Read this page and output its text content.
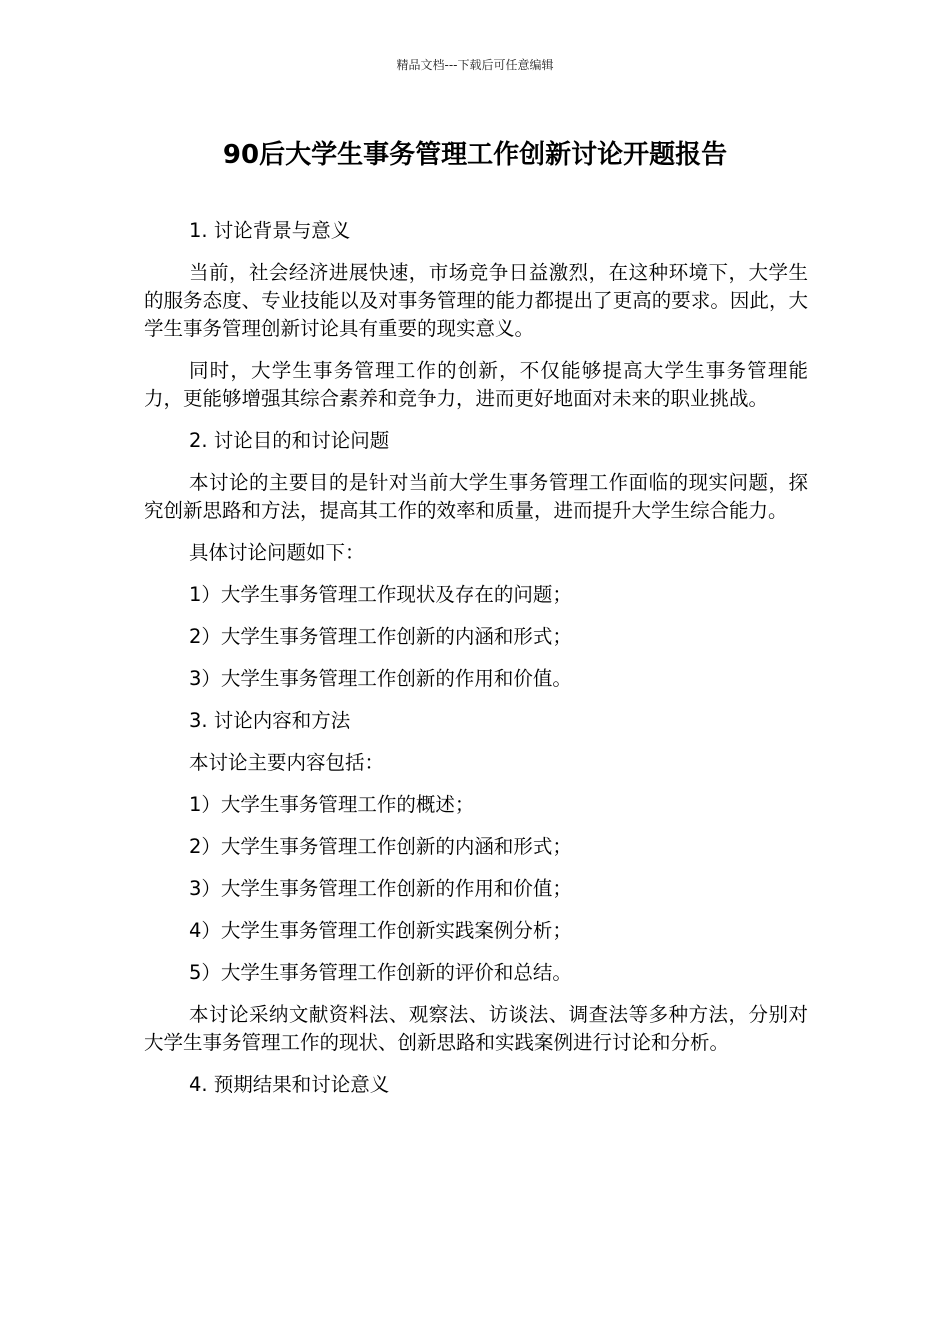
精品文档---下载后可任意编辑
90后大学生事务管理工作创新讨论开题报告

1. 讨论背景与意义

当前，社会经济进展快速，市场竞争日益激烈，在这种环境下，大学生的服务态度、专业技能以及对事务管理的能力都提出了更高的要求。因此，大学生事务管理创新讨论具有重要的现实意义。

同时，大学生事务管理工作的创新，不仅能够提高大学生事务管理能力，更能够增强其综合素养和竞争力，进而更好地面对未来的职业挑战。

2. 讨论目的和讨论问题

本讨论的主要目的是针对当前大学生事务管理工作面临的现实问题，探究创新思路和方法，提高其工作的效率和质量，进而提升大学生综合能力。

具体讨论问题如下：

1）大学生事务管理工作现状及存在的问题；

2）大学生事务管理工作创新的内涵和形式；

3）大学生事务管理工作创新的作用和价值。

3. 讨论内容和方法

本讨论主要内容包括：

1）大学生事务管理工作的概述；

2）大学生事务管理工作创新的内涵和形式；

3）大学生事务管理工作创新的作用和价值；

4）大学生事务管理工作创新实践案例分析；

5）大学生事务管理工作创新的评价和总结。

本讨论采纳文献资料法、观察法、访谈法、调查法等多种方法，分别对大学生事务管理工作的现状、创新思路和实践案例进行讨论和分析。

4. 预期结果和讨论意义
